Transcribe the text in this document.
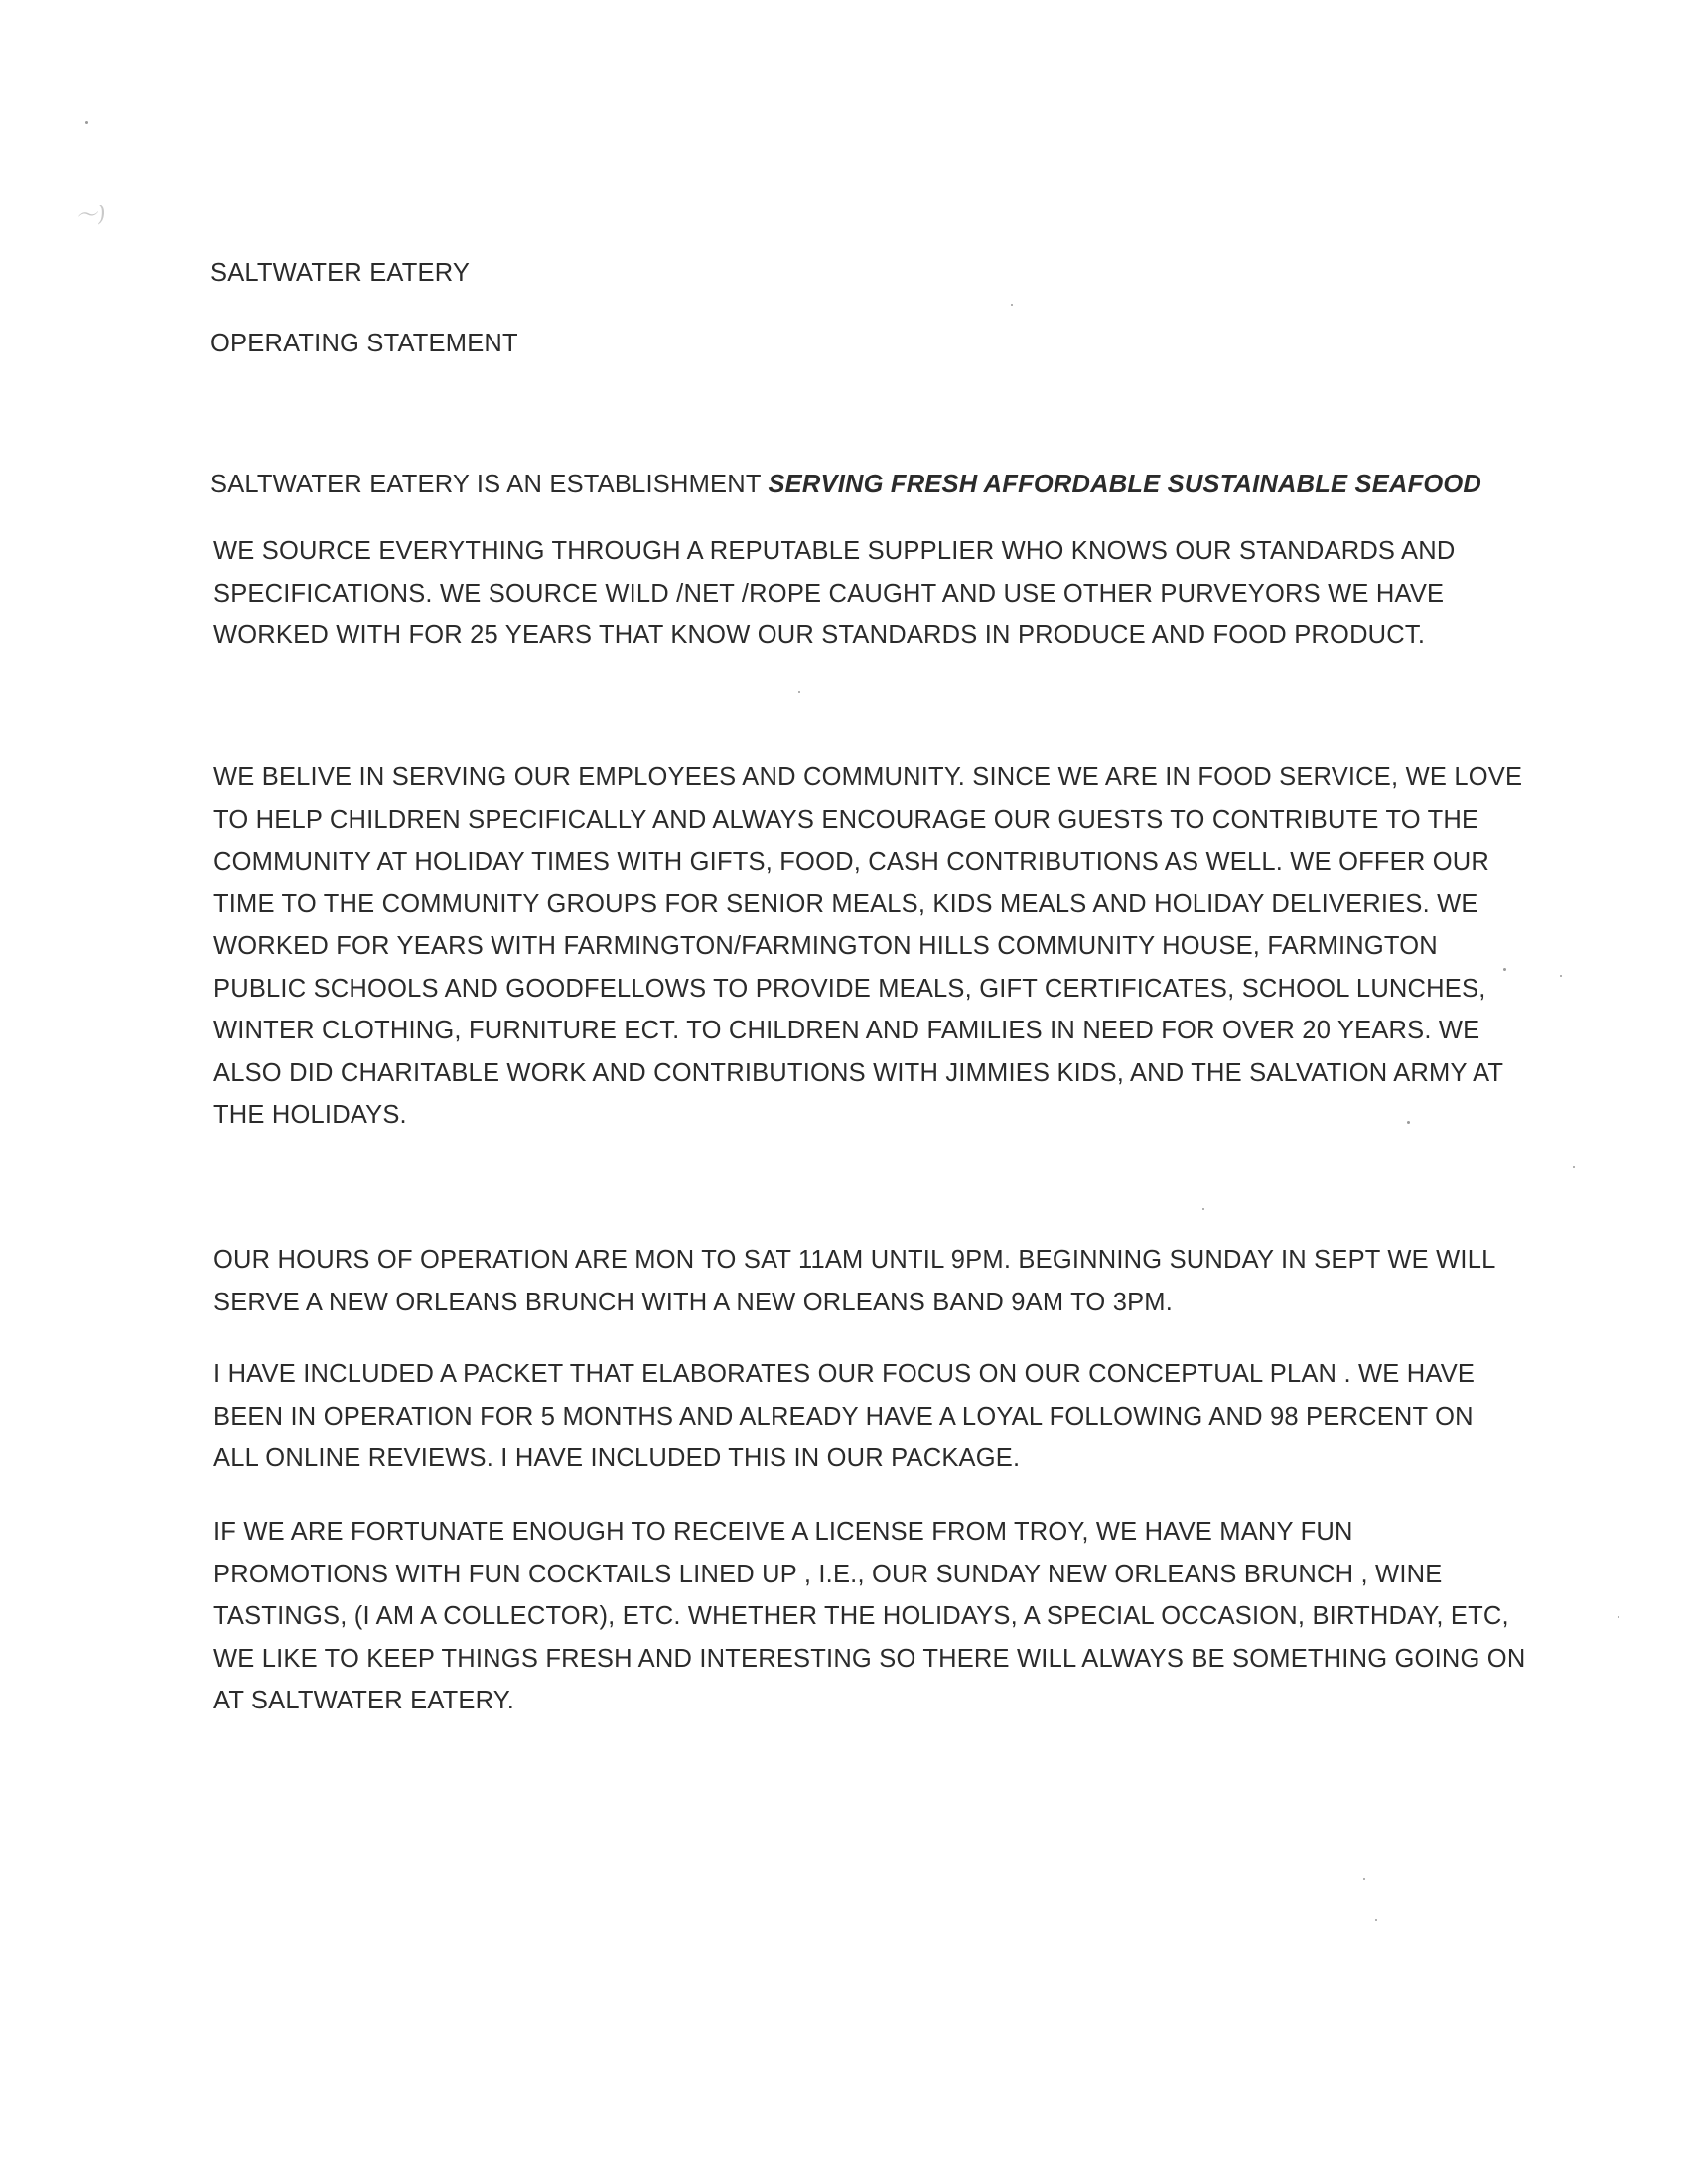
〜)
SALTWATER EATERY
OPERATING STATEMENT
SALTWATER EATERY IS AN ESTABLISHMENT SERVING FRESH AFFORDABLE SUSTAINABLE SEAFOOD

WE SOURCE EVERYTHING THROUGH A REPUTABLE SUPPLIER WHO KNOWS OUR STANDARDS AND SPECIFICATIONS. WE SOURCE WILD /NET /ROPE CAUGHT AND USE OTHER PURVEYORS WE HAVE WORKED WITH FOR 25 YEARS THAT KNOW OUR STANDARDS IN PRODUCE AND FOOD PRODUCT.

WE BELIVE IN SERVING OUR EMPLOYEES AND COMMUNITY. SINCE WE ARE IN FOOD SERVICE, WE LOVE TO HELP CHILDREN SPECIFICALLY AND ALWAYS ENCOURAGE OUR GUESTS TO CONTRIBUTE TO THE COMMUNITY AT HOLIDAY TIMES WITH GIFTS, FOOD, CASH CONTRIBUTIONS AS WELL. WE OFFER OUR TIME TO THE COMMUNITY GROUPS FOR SENIOR MEALS, KIDS MEALS AND HOLIDAY DELIVERIES. WE WORKED FOR YEARS WITH FARMINGTON/FARMINGTON HILLS COMMUNITY HOUSE, FARMINGTON PUBLIC SCHOOLS AND GOODFELLOWS TO PROVIDE MEALS, GIFT CERTIFICATES, SCHOOL LUNCHES, WINTER CLOTHING, FURNITURE ECT. TO CHILDREN AND FAMILIES IN NEED FOR OVER 20 YEARS. WE ALSO DID CHARITABLE WORK AND CONTRIBUTIONS WITH JIMMIES KIDS, AND THE SALVATION ARMY AT THE HOLIDAYS.

OUR HOURS OF OPERATION ARE MON TO SAT 11AM UNTIL 9PM. BEGINNING SUNDAY IN SEPT WE WILL SERVE A NEW ORLEANS BRUNCH WITH A NEW ORLEANS BAND 9AM TO 3PM.

I HAVE INCLUDED A PACKET THAT ELABORATES OUR FOCUS ON OUR CONCEPTUAL PLAN . WE HAVE BEEN IN OPERATION FOR 5 MONTHS AND ALREADY HAVE A LOYAL FOLLOWING AND 98 PERCENT ON ALL ONLINE REVIEWS. I HAVE INCLUDED THIS IN OUR PACKAGE.

IF WE ARE FORTUNATE ENOUGH TO RECEIVE A LICENSE FROM TROY, WE HAVE MANY FUN PROMOTIONS WITH FUN COCKTAILS LINED UP , I.E., OUR SUNDAY NEW ORLEANS BRUNCH , WINE TASTINGS, (I AM A COLLECTOR), ETC. WHETHER THE HOLIDAYS, A SPECIAL OCCASION, BIRTHDAY, ETC, WE LIKE TO KEEP THINGS FRESH AND INTERESTING SO THERE WILL ALWAYS BE SOMETHING GOING ON AT SALTWATER EATERY.
